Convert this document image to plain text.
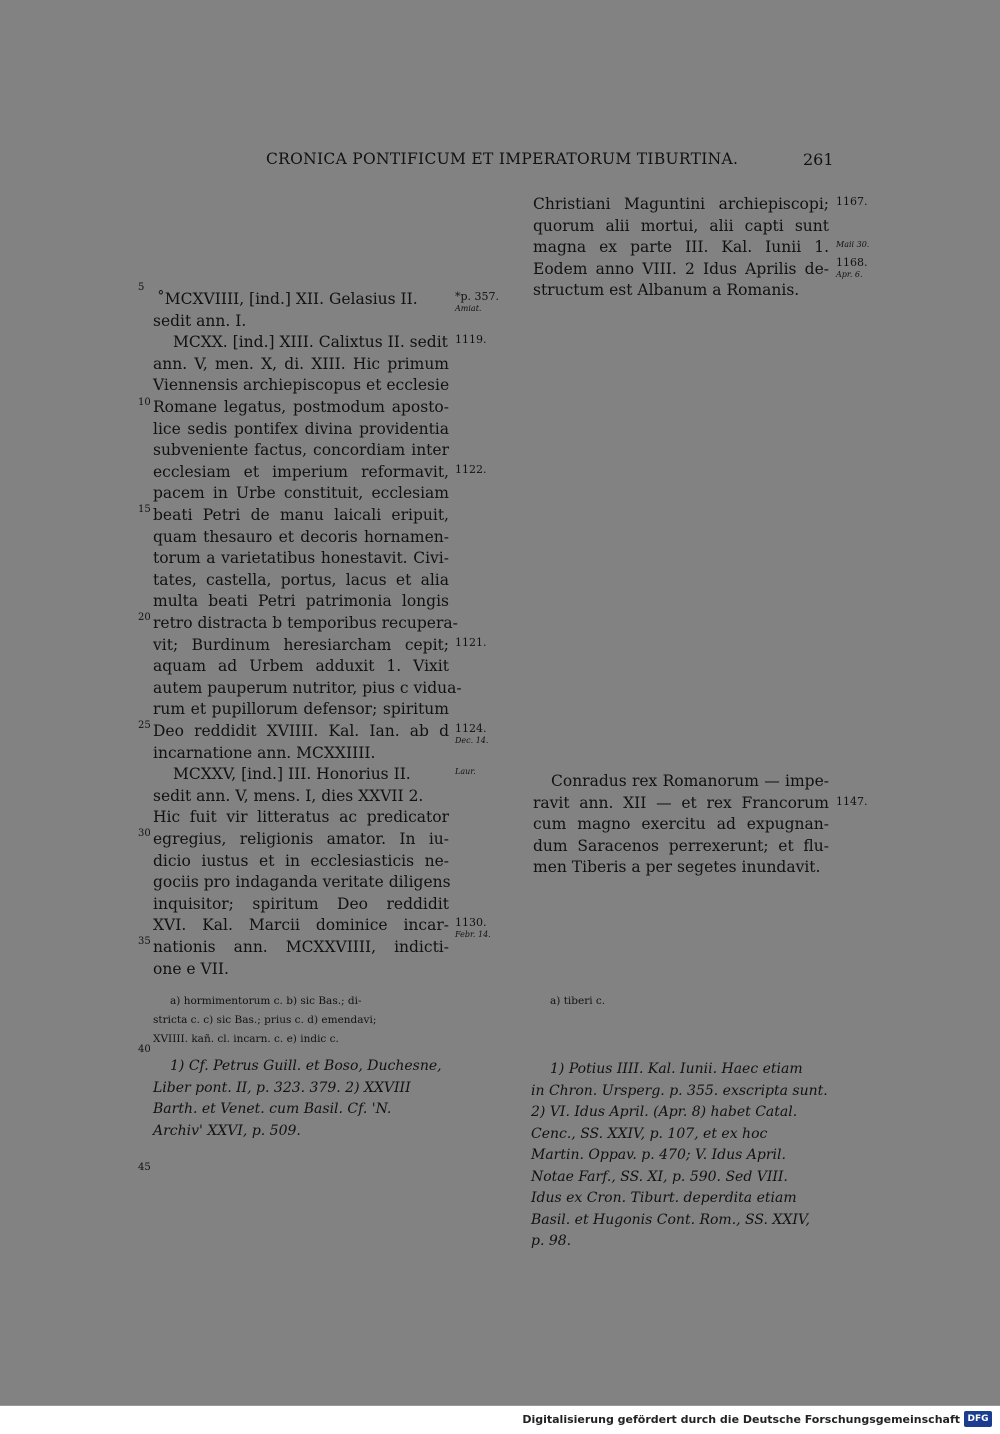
CRONICA PONTIFICUM ET IMPERATORUM TIBURTINA.	261
˚MCXVIIII, [ind.] XII. Gelasius II.
sedit ann. I.
MCXX. [ind.] XIII. Calixtus II. sedit
ann. V, men. X, di. XIII. Hic primum
Viennensis archiepiscopus et ecclesie
Romane legatus, postmodum aposto-
lice sedis pontifex divina providentia
subveniente factus, concordiam inter
ecclesiam et imperium reformavit,
pacem in Urbe constituit, ecclesiam
beati Petri de manu laicali eripuit,
quam thesauro et decoris hornamen-
torum a varietatibus honestavit. Civi-
tates, castella, portus, lacus et alia
multa beati Petri patrimonia longis
retro distracta b temporibus recupera-
vit; Burdinum heresiarcham cepit;
aquam ad Urbem adduxit 1. Vixit
autem pauperum nutritor, pius c vidua-
rum et pupillorum defensor; spiritum
Deo reddidit XVIIII. Kal. Ian. ab d
incarnatione ann. MCXXIIII.
MCXXV, [ind.] III. Honorius II.
sedit ann. V, mens. I, dies XXVII 2.
Hic fuit vir litteratus ac predicator
egregius, religionis amator. In iu-
dicio iustus et in ecclesiasticis ne-
gociis pro indaganda veritate diligens
inquisitor; spiritum Deo reddidit
XVI. Kal. Marcii dominice incar-
nationis ann. MCXXVIIII, indicti-
one e VII.
5
10
15
20
25
30
35
40
45
*p. 357.
Amiat.
1119.
1122.
1121.
1124.
Dec. 14.
Laur.
1130.
Febr. 14.
a) hormimentorum c. b) sic Bas.; di-
stricta c. c) sic Bas.; prius c. d) emendavi;
XVIIII. kañ. cl. incarn. c. e) indic c.
1) Cf. Petrus Guill. et Boso, Duchesne,
Liber pont. II, p. 323. 379. 2) XXVIII
Barth. et Venet. cum Basil. Cf. 'N.
Archiv' XXVI, p. 509.
Christiani Maguntini archiepiscopi;
quorum alii mortui, alii capti sunt
magna ex parte III. Kal. Iunii 1.
Eodem anno VIII. 2 Idus Aprilis de-
structum est Albanum a Romanis.
1167.
Maii 30.
1168.
Apr. 6.
Conradus rex Romanorum — impe-
ravit ann. XII — et rex Francorum
cum magno exercitu ad expugnan-
dum Saracenos perrexerunt; et flu-
men Tiberis a per segetes inundavit.
1147.
a) tiberi c.
1) Potius IIII. Kal. Iunii. Haec etiam
in Chron. Ursperg. p. 355. exscripta sunt.
2) VI. Idus April. (Apr. 8) habet Catal.
Cenc., SS. XXIV, p. 107, et ex hoc
Martin. Oppav. p. 470; V. Idus April.
Notae Farf., SS. XI, p. 590. Sed VIII.
Idus ex Cron. Tiburt. deperdita etiam
Basil. et Hugonis Cont. Rom., SS. XXIV,
p. 98.
Digitalisierung gefördert durch die Deutsche Forschungsgemeinschaft DFG
